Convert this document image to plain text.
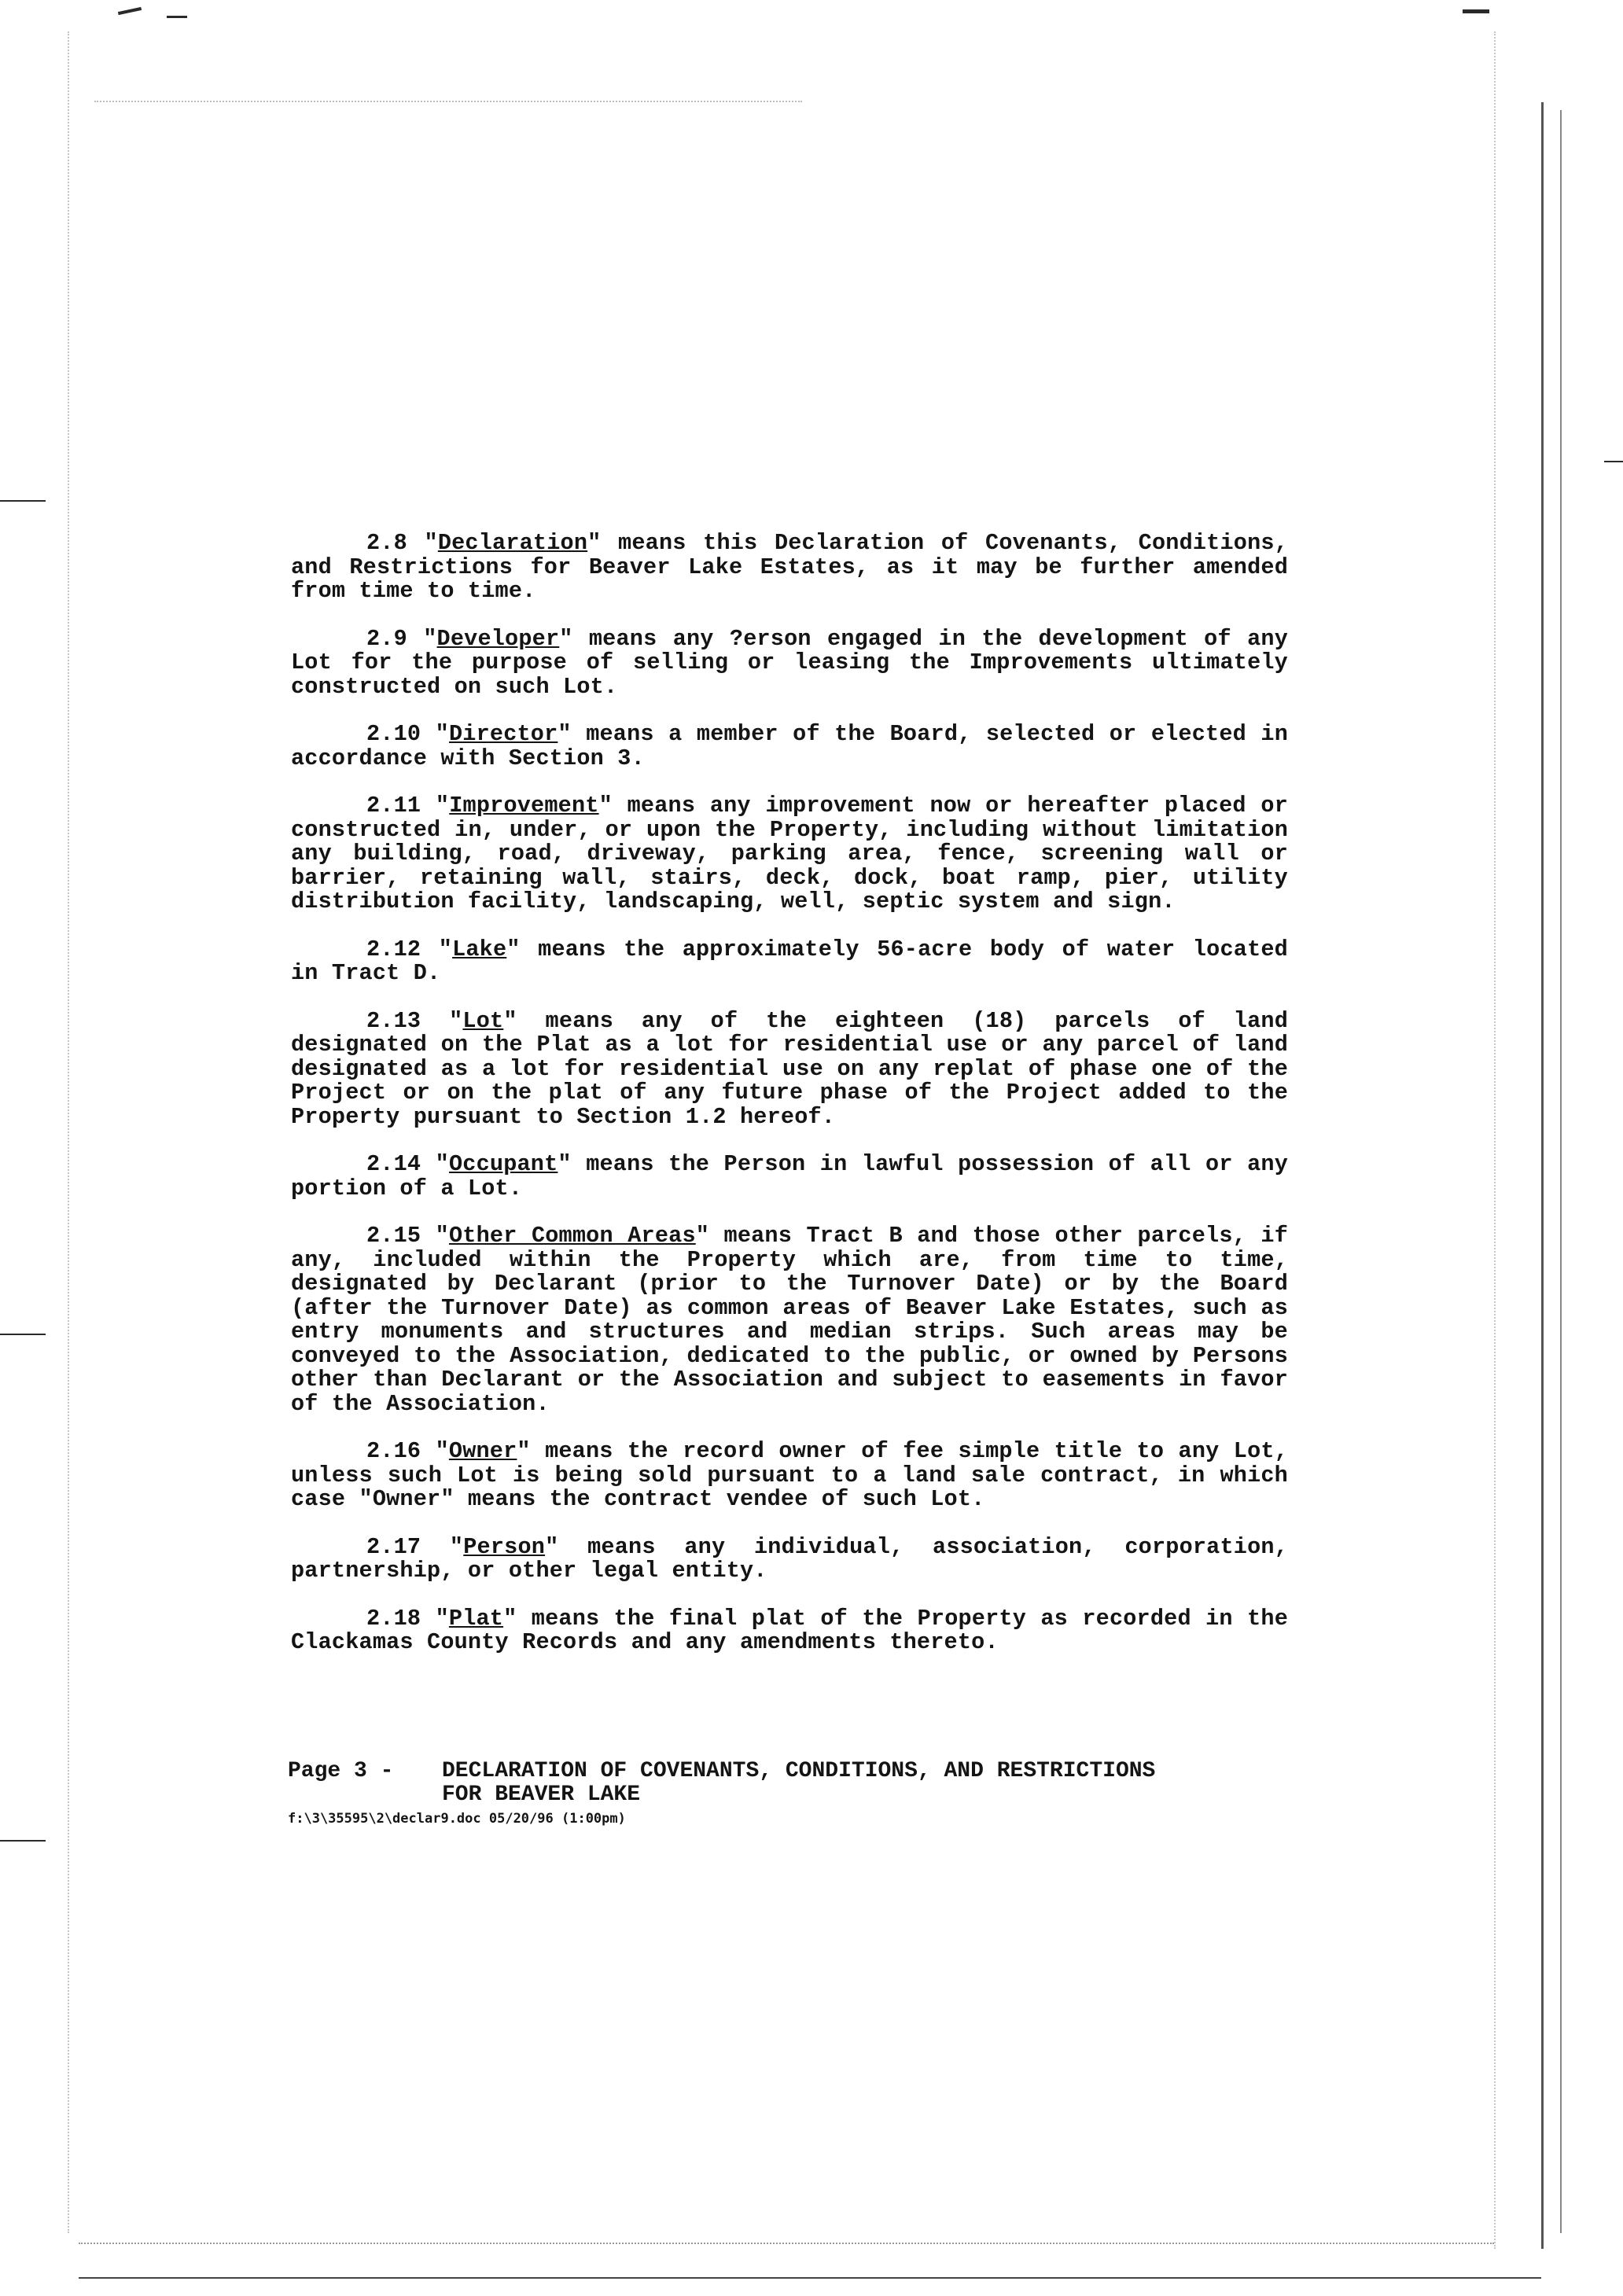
2.8 "Declaration" means this Declaration of Covenants, Conditions, and Restrictions for Beaver Lake Estates, as it may be further amended from time to time.

2.9 "Developer" means any ?erson engaged in the development of any Lot for the purpose of selling or leasing the Improvements ultimately constructed on such Lot.

2.10 "Director" means a member of the Board, selected or elected in accordance with Section 3.

2.11 "Improvement" means any improvement now or hereafter placed or constructed in, under, or upon the Property, including without limitation any building, road, driveway, parking area, fence, screening wall or barrier, retaining wall, stairs, deck, dock, boat ramp, pier, utility distribution facility, landscaping, well, septic system and sign.

2.12 "Lake" means the approximately 56-acre body of water located in Tract D.

2.13 "Lot" means any of the eighteen (18) parcels of land designated on the Plat as a lot for residential use or any parcel of land designated as a lot for residential use on any replat of phase one of the Project or on the plat of any future phase of the Project added to the Property pursuant to Section 1.2 hereof.

2.14 "Occupant" means the Person in lawful possession of all or any portion of a Lot.

2.15 "Other Common Areas" means Tract B and those other parcels, if any, included within the Property which are, from time to time, designated by Declarant (prior to the Turnover Date) or by the Board (after the Turnover Date) as common areas of Beaver Lake Estates, such as entry monuments and structures and median strips. Such areas may be conveyed to the Association, dedicated to the public, or owned by Persons other than Declarant or the Association and subject to easements in favor of the Association.

2.16 "Owner" means the record owner of fee simple title to any Lot, unless such Lot is being sold pursuant to a land sale contract, in which case "Owner" means the contract vendee of such Lot.

2.17 "Person" means any individual, association, corporation, partnership, or other legal entity.

2.18 "Plat" means the final plat of the Property as recorded in the Clackamas County Records and any amendments thereto.

Page 3 -	DECLARATION OF COVENANTS, CONDITIONS, AND RESTRICTIONS
FOR BEAVER LAKE
f:\3\35595\2\declar9.doc 05/20/96 (1:00pm)
